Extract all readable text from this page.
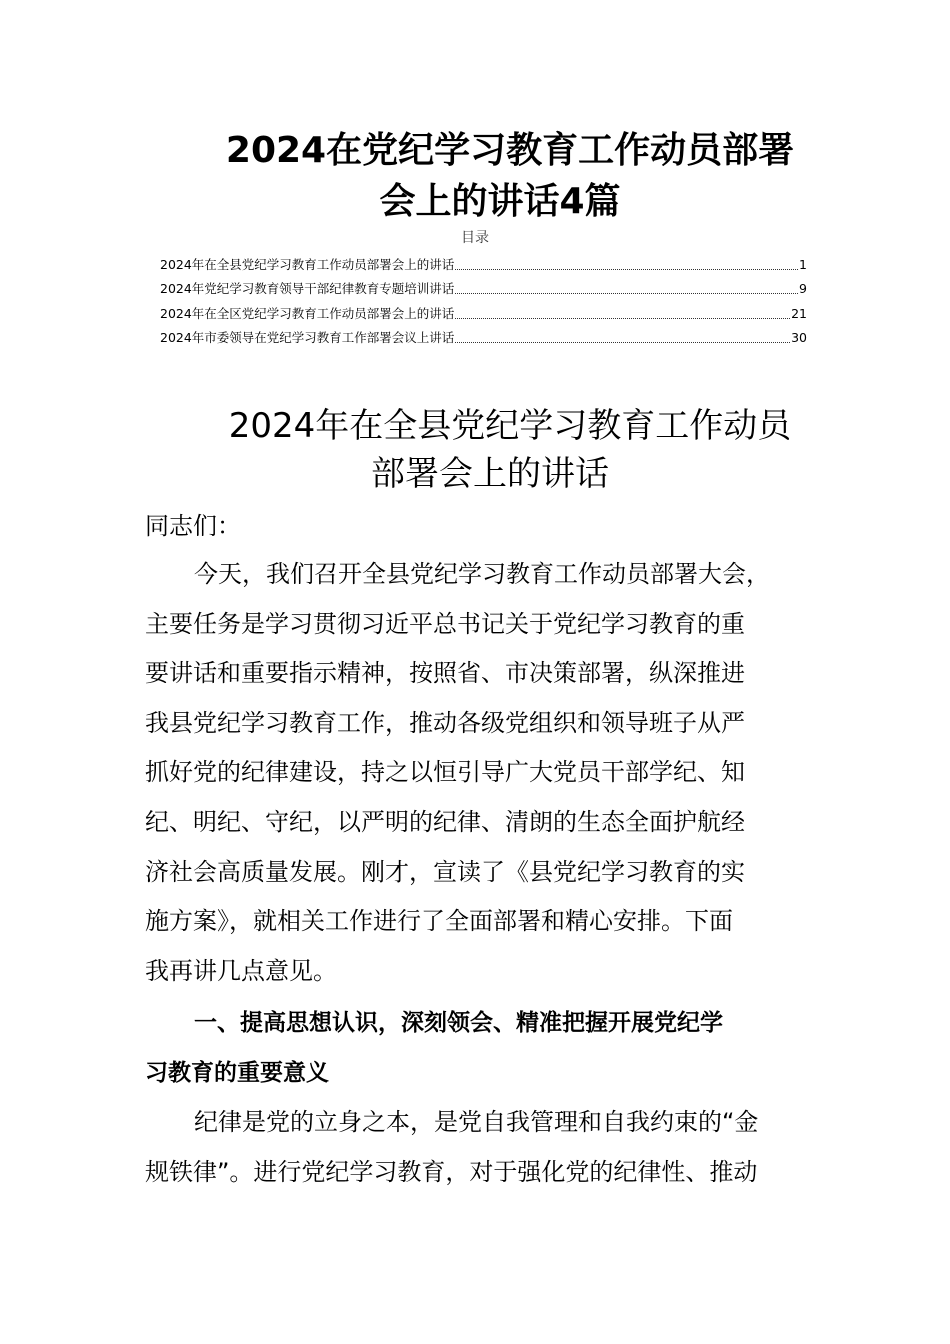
2024在党纪学习教育工作动员部署
会上的讲话4篇
目录
2024年在全县党纪学习教育工作动员部署会上的讲话	1
2024年党纪学习教育领导干部纪律教育专题培训讲话	9
2024年在全区党纪学习教育工作动员部署会上的讲话	21
2024年市委领导在党纪学习教育工作部署会议上讲话	30
2024年在全县党纪学习教育工作动员
部署会上的讲话

同志们：

今天，我们召开全县党纪学习教育工作动员部署大会，
主要任务是学习贯彻习近平总书记关于党纪学习教育的重
要讲话和重要指示精神，按照省、市决策部署，纵深推进
我县党纪学习教育工作，推动各级党组织和领导班子从严
抓好党的纪律建设，持之以恒引导广大党员干部学纪、知
纪、明纪、守纪，以严明的纪律、清朗的生态全面护航经
济社会高质量发展。刚才，宣读了《县党纪学习教育的实
施方案》，就相关工作进行了全面部署和精心安排。下面
我再讲几点意见。
一、提高思想认识，深刻领会、精准把握开展党纪学
习教育的重要意义
纪律是党的立身之本，是党自我管理和自我约束的“金
规铁律”。进行党纪学习教育，对于强化党的纪律性、推动
